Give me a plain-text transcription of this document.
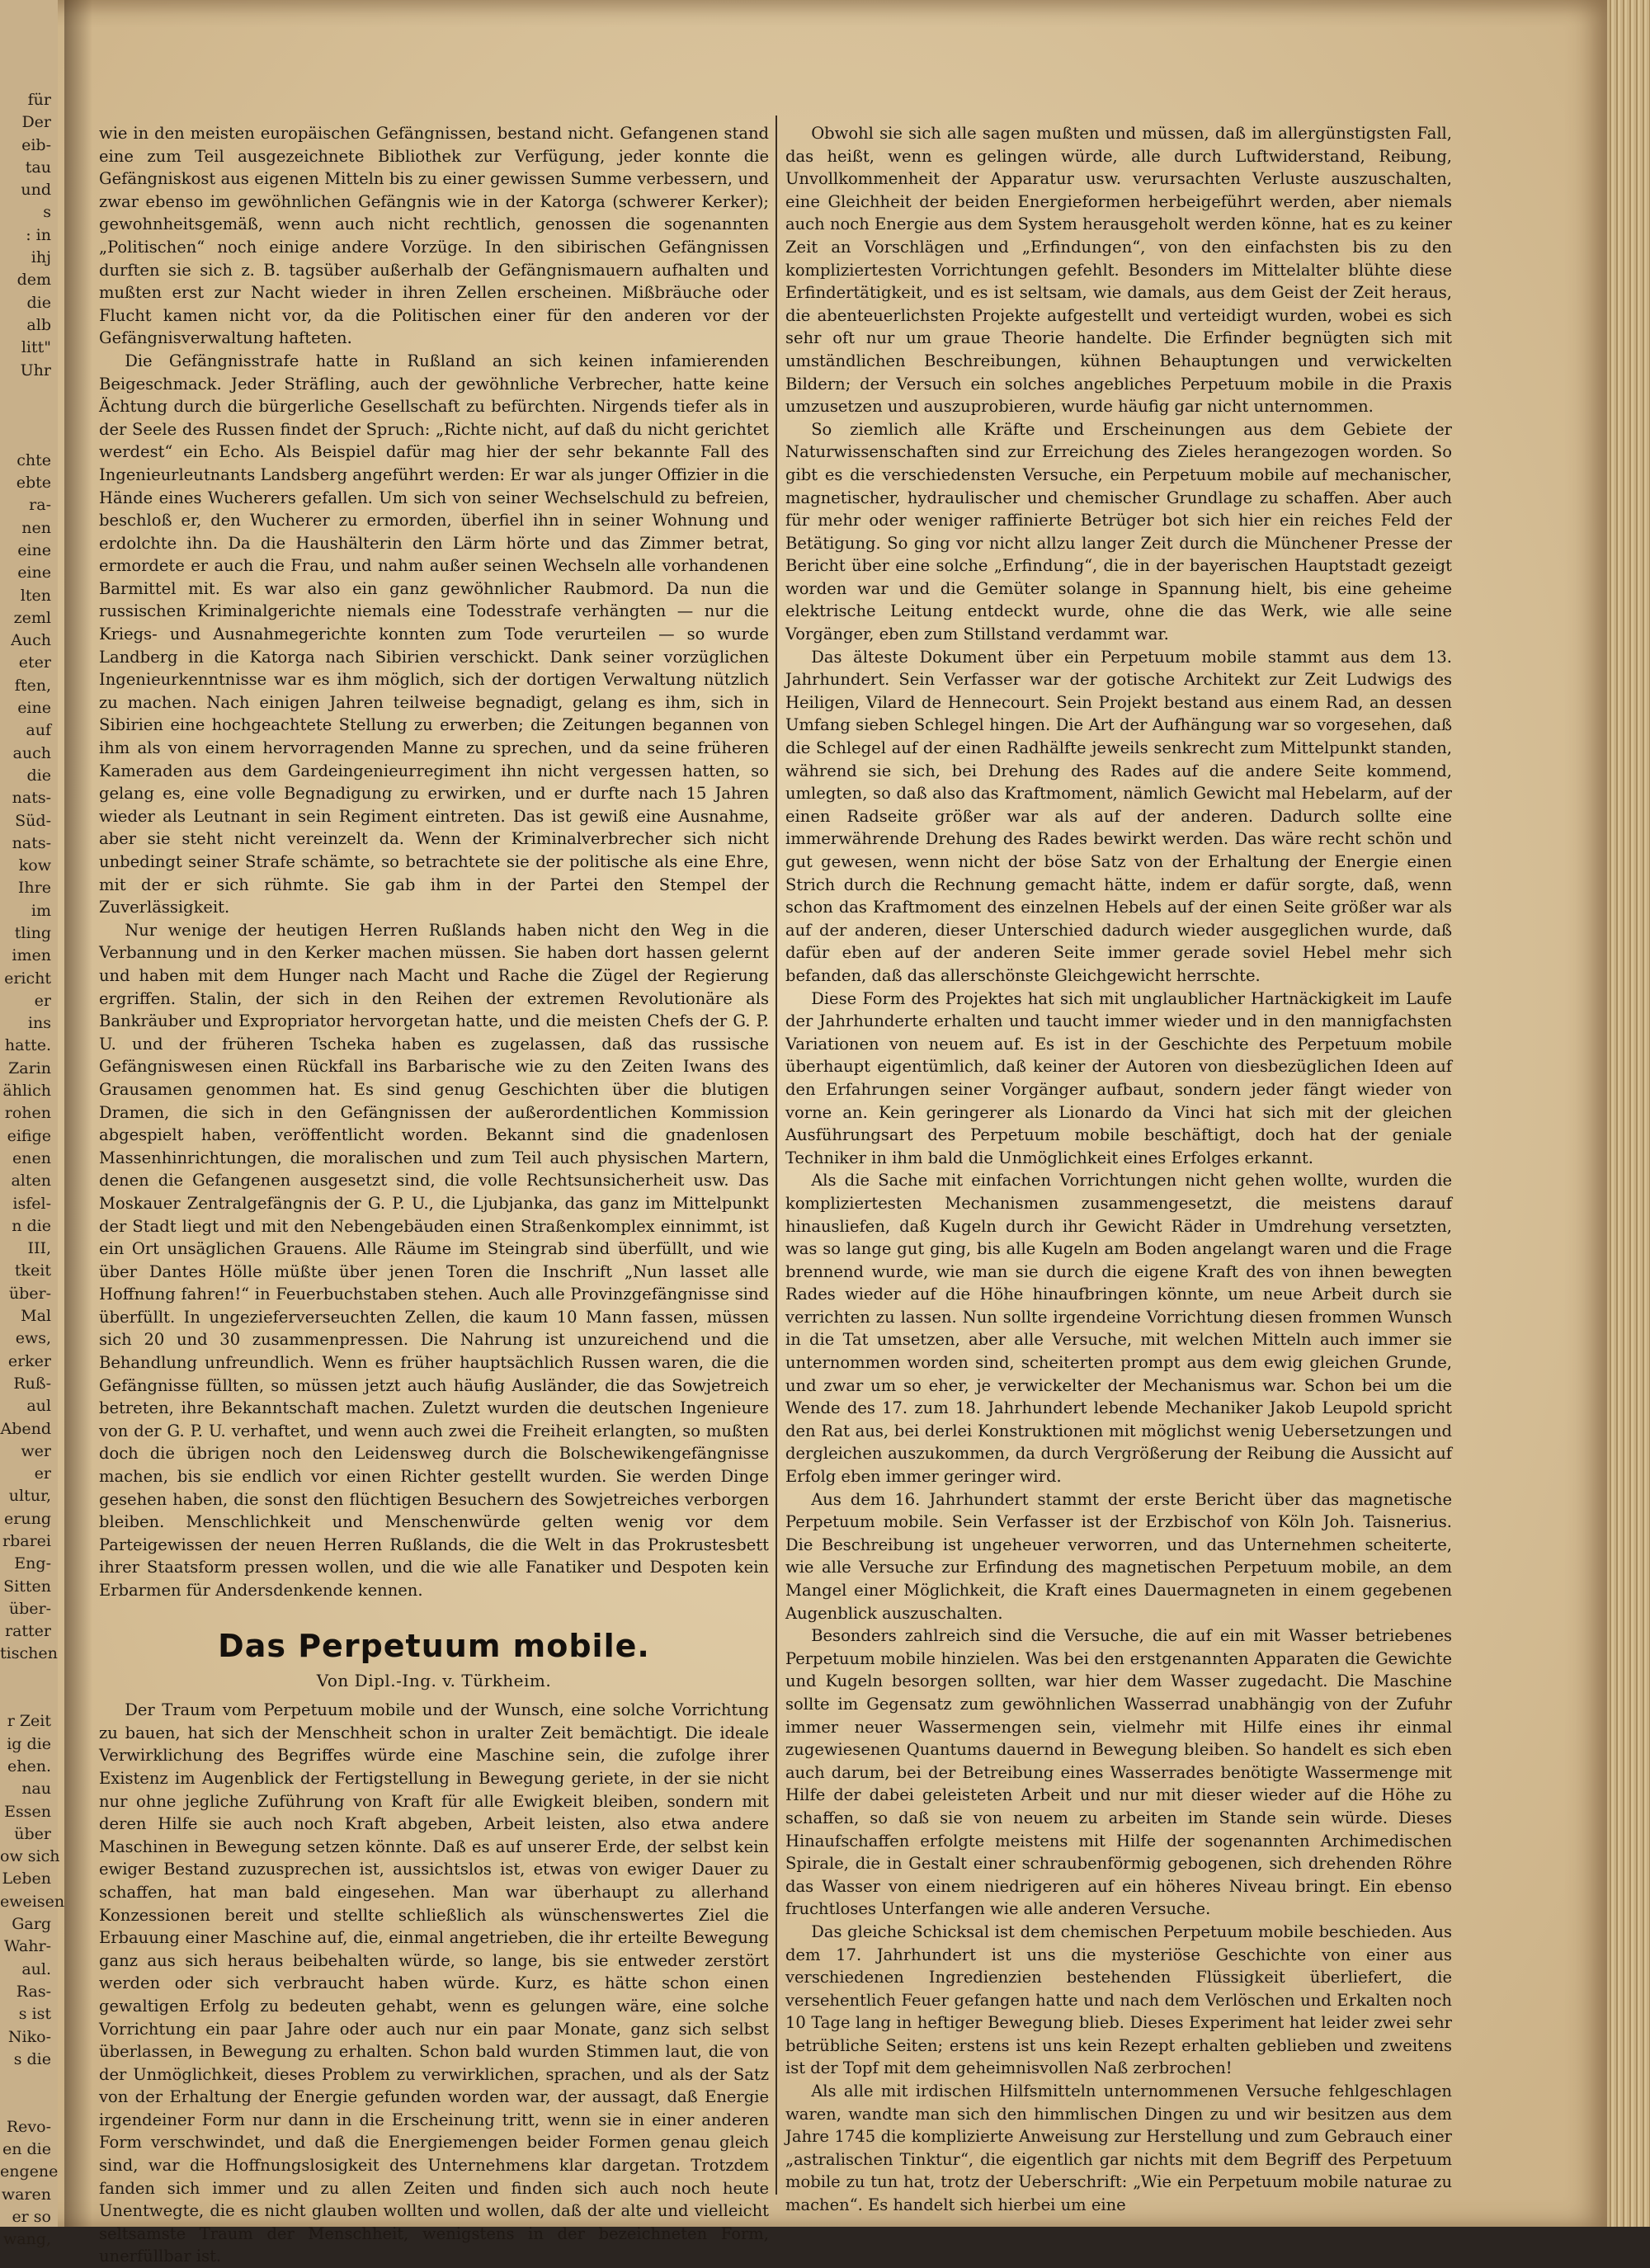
für
Der
eib-
tau
und
s
: in
ihj
dem
die
alb
litt"
Uhr

chte
ebte
ra-
nen
eine
eine
lten
zeml
Auch
eter
ften,
eine
auf
auch
die
nats-
Süd-
nats-
kow
Ihre
im
tling
imen
ericht
er
ins
hatte.
Zarin
ählich
rohen
eifige
enen
alten
isfel-
n die
III,
tkeit
über-
Mal
ews,
erker
Ruß-
aul
Abend
wer
er
ultur,
erung
rbarei
Eng-
Sitten
über-
ratter
tischen

r Zeit
ig die
ehen.
nau
Essen
über
ow sich
Leben
eweisen
Garg
Wahr-
aul.
Ras-
s ist
Niko-
s die

Revo-
en die
engene
waren
er so
wang,

wie in den meisten europäischen Gefängnissen, bestand nicht. Gefangenen stand eine zum Teil ausgezeichnete Bibliothek zur Verfügung, jeder konnte die Gefängniskost aus eigenen Mitteln bis zu einer gewissen Summe verbessern, und zwar ebenso im gewöhnlichen Gefängnis wie in der Katorga (schwerer Kerker); gewohnheitsgemäß, wenn auch nicht rechtlich, genossen die sogenannten „Politischen“ noch einige andere Vorzüge. In den sibirischen Gefängnissen durften sie sich z. B. tagsüber außerhalb der Gefängnismauern aufhalten und mußten erst zur Nacht wieder in ihren Zellen erscheinen. Mißbräuche oder Flucht kamen nicht vor, da die Politischen einer für den anderen vor der Gefängnisverwaltung hafteten.

Die Gefängnisstrafe hatte in Rußland an sich keinen infamierenden Beigeschmack. Jeder Sträfling, auch der gewöhnliche Verbrecher, hatte keine Ächtung durch die bürgerliche Gesellschaft zu befürchten. Nirgends tiefer als in der Seele des Russen findet der Spruch: „Richte nicht, auf daß du nicht gerichtet werdest“ ein Echo. Als Beispiel dafür mag hier der sehr bekannte Fall des Ingenieurleutnants Landsberg angeführt werden: Er war als junger Offizier in die Hände eines Wucherers gefallen. Um sich von seiner Wechselschuld zu befreien, beschloß er, den Wucherer zu ermorden, überfiel ihn in seiner Wohnung und erdolchte ihn. Da die Haushälterin den Lärm hörte und das Zimmer betrat, ermordete er auch die Frau, und nahm außer seinen Wechseln alle vorhandenen Barmittel mit. Es war also ein ganz gewöhnlicher Raubmord. Da nun die russischen Kriminalgerichte niemals eine Todesstrafe verhängten — nur die Kriegs- und Ausnahmegerichte konnten zum Tode verurteilen — so wurde Landberg in die Katorga nach Sibirien verschickt. Dank seiner vorzüglichen Ingenieurkenntnisse war es ihm möglich, sich der dortigen Verwaltung nützlich zu machen. Nach einigen Jahren teilweise begnadigt, gelang es ihm, sich in Sibirien eine hochgeachtete Stellung zu erwerben; die Zeitungen begannen von ihm als von einem hervorragenden Manne zu sprechen, und da seine früheren Kameraden aus dem Gardeingenieurregiment ihn nicht vergessen hatten, so gelang es, eine volle Begnadigung zu erwirken, und er durfte nach 15 Jahren wieder als Leutnant in sein Regiment eintreten. Das ist gewiß eine Ausnahme, aber sie steht nicht vereinzelt da. Wenn der Kriminalverbrecher sich nicht unbedingt seiner Strafe schämte, so betrachtete sie der politische als eine Ehre, mit der er sich rühmte. Sie gab ihm in der Partei den Stempel der Zuverlässigkeit.

Nur wenige der heutigen Herren Rußlands haben nicht den Weg in die Verbannung und in den Kerker machen müssen. Sie haben dort hassen gelernt und haben mit dem Hunger nach Macht und Rache die Zügel der Regierung ergriffen. Stalin, der sich in den Reihen der extremen Revolutionäre als Bankräuber und Expropriator hervorgetan hatte, und die meisten Chefs der G. P. U. und der früheren Tscheka haben es zugelassen, daß das russische Gefängniswesen einen Rückfall ins Barbarische wie zu den Zeiten Iwans des Grausamen genommen hat. Es sind genug Geschichten über die blutigen Dramen, die sich in den Gefängnissen der außerordentlichen Kommission abgespielt haben, veröffentlicht worden. Bekannt sind die gnadenlosen Massenhinrichtungen, die moralischen und zum Teil auch physischen Martern, denen die Gefangenen ausgesetzt sind, die volle Rechtsunsicherheit usw. Das Moskauer Zentralgefängnis der G. P. U., die Ljubjanka, das ganz im Mittelpunkt der Stadt liegt und mit den Nebengebäuden einen Straßenkomplex einnimmt, ist ein Ort unsäglichen Grauens. Alle Räume im Steingrab sind überfüllt, und wie über Dantes Hölle müßte über jenen Toren die Inschrift „Nun lasset alle Hoffnung fahren!“ in Feuerbuchstaben stehen. Auch alle Provinzgefängnisse sind überfüllt. In ungezieferverseuchten Zellen, die kaum 10 Mann fassen, müssen sich 20 und 30 zusammenpressen. Die Nahrung ist unzureichend und die Behandlung unfreundlich. Wenn es früher hauptsächlich Russen waren, die die Gefängnisse füllten, so müssen jetzt auch häufig Ausländer, die das Sowjetreich betreten, ihre Bekanntschaft machen. Zuletzt wurden die deutschen Ingenieure von der G. P. U. verhaftet, und wenn auch zwei die Freiheit erlangten, so mußten doch die übrigen noch den Leidensweg durch die Bolschewikengefängnisse machen, bis sie endlich vor einen Richter gestellt wurden. Sie werden Dinge gesehen haben, die sonst den flüchtigen Besuchern des Sowjetreiches verborgen bleiben. Menschlichkeit und Menschenwürde gelten wenig vor dem Parteigewissen der neuen Herren Rußlands, die die Welt in das Prokrustesbett ihrer Staatsform pressen wollen, und die wie alle Fanatiker und Despoten kein Erbarmen für Andersdenkende kennen.

Das Perpetuum mobile.
Von Dipl.-Ing. v. Türkheim.

Der Traum vom Perpetuum mobile und der Wunsch, eine solche Vorrichtung zu bauen, hat sich der Menschheit schon in uralter Zeit bemächtigt. Die ideale Verwirklichung des Begriffes würde eine Maschine sein, die zufolge ihrer Existenz im Augenblick der Fertigstellung in Bewegung geriete, in der sie nicht nur ohne jegliche Zuführung von Kraft für alle Ewigkeit bleiben, sondern mit deren Hilfe sie auch noch Kraft abgeben, Arbeit leisten, also etwa andere Maschinen in Bewegung setzen könnte. Daß es auf unserer Erde, der selbst kein ewiger Bestand zuzusprechen ist, aussichtslos ist, etwas von ewiger Dauer zu schaffen, hat man bald eingesehen. Man war überhaupt zu allerhand Konzessionen bereit und stellte schließlich als wünschenswertes Ziel die Erbauung einer Maschine auf, die, einmal angetrieben, die ihr erteilte Bewegung ganz aus sich heraus beibehalten würde, so lange, bis sie entweder zerstört werden oder sich verbraucht haben würde. Kurz, es hätte schon einen gewaltigen Erfolg zu bedeuten gehabt, wenn es gelungen wäre, eine solche Vorrichtung ein paar Jahre oder auch nur ein paar Monate, ganz sich selbst überlassen, in Bewegung zu erhalten. Schon bald wurden Stimmen laut, die von der Unmöglichkeit, dieses Problem zu verwirklichen, sprachen, und als der Satz von der Erhaltung der Energie gefunden worden war, der aussagt, daß Energie irgendeiner Form nur dann in die Erscheinung tritt, wenn sie in einer anderen Form verschwindet, und daß die Energiemengen beider Formen genau gleich sind, war die Hoffnungslosigkeit des Unternehmens klar dargetan. Trotzdem fanden sich immer und zu allen Zeiten und finden sich auch noch heute Unentwegte, die es nicht glauben wollten und wollen, daß der alte und vielleicht seltsamste Traum der Menschheit, wenigstens in der bezeichneten Form, unerfüllbar ist.

Obwohl sie sich alle sagen mußten und müssen, daß im allergünstigsten Fall, das heißt, wenn es gelingen würde, alle durch Luftwiderstand, Reibung, Unvollkommenheit der Apparatur usw. verursachten Verluste auszuschalten, eine Gleichheit der beiden Energieformen herbeigeführt werden, aber niemals auch noch Energie aus dem System herausgeholt werden könne, hat es zu keiner Zeit an Vorschlägen und „Erfindungen“, von den einfachsten bis zu den kompliziertesten Vorrichtungen gefehlt. Besonders im Mittelalter blühte diese Erfindertätigkeit, und es ist seltsam, wie damals, aus dem Geist der Zeit heraus, die abenteuerlichsten Projekte aufgestellt und verteidigt wurden, wobei es sich sehr oft nur um graue Theorie handelte. Die Erfinder begnügten sich mit umständlichen Beschreibungen, kühnen Behauptungen und verwickelten Bildern; der Versuch ein solches angebliches Perpetuum mobile in die Praxis umzusetzen und auszuprobieren, wurde häufig gar nicht unternommen.

So ziemlich alle Kräfte und Erscheinungen aus dem Gebiete der Naturwissenschaften sind zur Erreichung des Zieles herangezogen worden. So gibt es die verschiedensten Versuche, ein Perpetuum mobile auf mechanischer, magnetischer, hydraulischer und chemischer Grundlage zu schaffen. Aber auch für mehr oder weniger raffinierte Betrüger bot sich hier ein reiches Feld der Betätigung. So ging vor nicht allzu langer Zeit durch die Münchener Presse der Bericht über eine solche „Erfindung“, die in der bayerischen Hauptstadt gezeigt worden war und die Gemüter solange in Spannung hielt, bis eine geheime elektrische Leitung entdeckt wurde, ohne die das Werk, wie alle seine Vorgänger, eben zum Stillstand verdammt war.

Das älteste Dokument über ein Perpetuum mobile stammt aus dem 13. Jahrhundert. Sein Verfasser war der gotische Architekt zur Zeit Ludwigs des Heiligen, Vilard de Hennecourt. Sein Projekt bestand aus einem Rad, an dessen Umfang sieben Schlegel hingen. Die Art der Aufhängung war so vorgesehen, daß die Schlegel auf der einen Radhälfte jeweils senkrecht zum Mittelpunkt standen, während sie sich, bei Drehung des Rades auf die andere Seite kommend, umlegten, so daß also das Kraftmoment, nämlich Gewicht mal Hebelarm, auf der einen Radseite größer war als auf der anderen. Dadurch sollte eine immerwährende Drehung des Rades bewirkt werden. Das wäre recht schön und gut gewesen, wenn nicht der böse Satz von der Erhaltung der Energie einen Strich durch die Rechnung gemacht hätte, indem er dafür sorgte, daß, wenn schon das Kraftmoment des einzelnen Hebels auf der einen Seite größer war als auf der anderen, dieser Unterschied dadurch wieder ausgeglichen wurde, daß dafür eben auf der anderen Seite immer gerade soviel Hebel mehr sich befanden, daß das allerschönste Gleichgewicht herrschte.

Diese Form des Projektes hat sich mit unglaublicher Hartnäckigkeit im Laufe der Jahrhunderte erhalten und taucht immer wieder und in den mannigfachsten Variationen von neuem auf. Es ist in der Geschichte des Perpetuum mobile überhaupt eigentümlich, daß keiner der Autoren von diesbezüglichen Ideen auf den Erfahrungen seiner Vorgänger aufbaut, sondern jeder fängt wieder von vorne an. Kein geringerer als Lionardo da Vinci hat sich mit der gleichen Ausführungsart des Perpetuum mobile beschäftigt, doch hat der geniale Techniker in ihm bald die Unmöglichkeit eines Erfolges erkannt.

Als die Sache mit einfachen Vorrichtungen nicht gehen wollte, wurden die kompliziertesten Mechanismen zusammengesetzt, die meistens darauf hinausliefen, daß Kugeln durch ihr Gewicht Räder in Umdrehung versetzten, was so lange gut ging, bis alle Kugeln am Boden angelangt waren und die Frage brennend wurde, wie man sie durch die eigene Kraft des von ihnen bewegten Rades wieder auf die Höhe hinaufbringen könnte, um neue Arbeit durch sie verrichten zu lassen. Nun sollte irgendeine Vorrichtung diesen frommen Wunsch in die Tat umsetzen, aber alle Versuche, mit welchen Mitteln auch immer sie unternommen worden sind, scheiterten prompt aus dem ewig gleichen Grunde, und zwar um so eher, je verwickelter der Mechanismus war. Schon bei um die Wende des 17. zum 18. Jahrhundert lebende Mechaniker Jakob Leupold spricht den Rat aus, bei derlei Konstruktionen mit möglichst wenig Uebersetzungen und dergleichen auszukommen, da durch Vergrößerung der Reibung die Aussicht auf Erfolg eben immer geringer wird.

Aus dem 16. Jahrhundert stammt der erste Bericht über das magnetische Perpetuum mobile. Sein Verfasser ist der Erzbischof von Köln Joh. Taisnerius. Die Beschreibung ist ungeheuer verworren, und das Unternehmen scheiterte, wie alle Versuche zur Erfindung des magnetischen Perpetuum mobile, an dem Mangel einer Möglichkeit, die Kraft eines Dauermagneten in einem gegebenen Augenblick auszuschalten.

Besonders zahlreich sind die Versuche, die auf ein mit Wasser betriebenes Perpetuum mobile hinzielen. Was bei den erstgenannten Apparaten die Gewichte und Kugeln besorgen sollten, war hier dem Wasser zugedacht. Die Maschine sollte im Gegensatz zum gewöhnlichen Wasserrad unabhängig von der Zufuhr immer neuer Wassermengen sein, vielmehr mit Hilfe eines ihr einmal zugewiesenen Quantums dauernd in Bewegung bleiben. So handelt es sich eben auch darum, bei der Betreibung eines Wasserrades benötigte Wassermenge mit Hilfe der dabei geleisteten Arbeit und nur mit dieser wieder auf die Höhe zu schaffen, so daß sie von neuem zu arbeiten im Stande sein würde. Dieses Hinaufschaffen erfolgte meistens mit Hilfe der sogenannten Archimedischen Spirale, die in Gestalt einer schraubenförmig gebogenen, sich drehenden Röhre das Wasser von einem niedrigeren auf ein höheres Niveau bringt. Ein ebenso fruchtloses Unterfangen wie alle anderen Versuche.

Das gleiche Schicksal ist dem chemischen Perpetuum mobile beschieden. Aus dem 17. Jahrhundert ist uns die mysteriöse Geschichte von einer aus verschiedenen Ingredienzien bestehenden Flüssigkeit überliefert, die versehentlich Feuer gefangen hatte und nach dem Verlöschen und Erkalten noch 10 Tage lang in heftiger Bewegung blieb. Dieses Experiment hat leider zwei sehr betrübliche Seiten; erstens ist uns kein Rezept erhalten geblieben und zweitens ist der Topf mit dem geheimnisvollen Naß zerbrochen!

Als alle mit irdischen Hilfsmitteln unternommenen Versuche fehlgeschlagen waren, wandte man sich den himmlischen Dingen zu und wir besitzen aus dem Jahre 1745 die komplizierte Anweisung zur Herstellung und zum Gebrauch einer „astralischen Tinktur“, die eigentlich gar nichts mit dem Begriff des Perpetuum mobile zu tun hat, trotz der Ueberschrift: „Wie ein Perpetuum mobile naturae zu machen“. Es handelt sich hierbei um eine
